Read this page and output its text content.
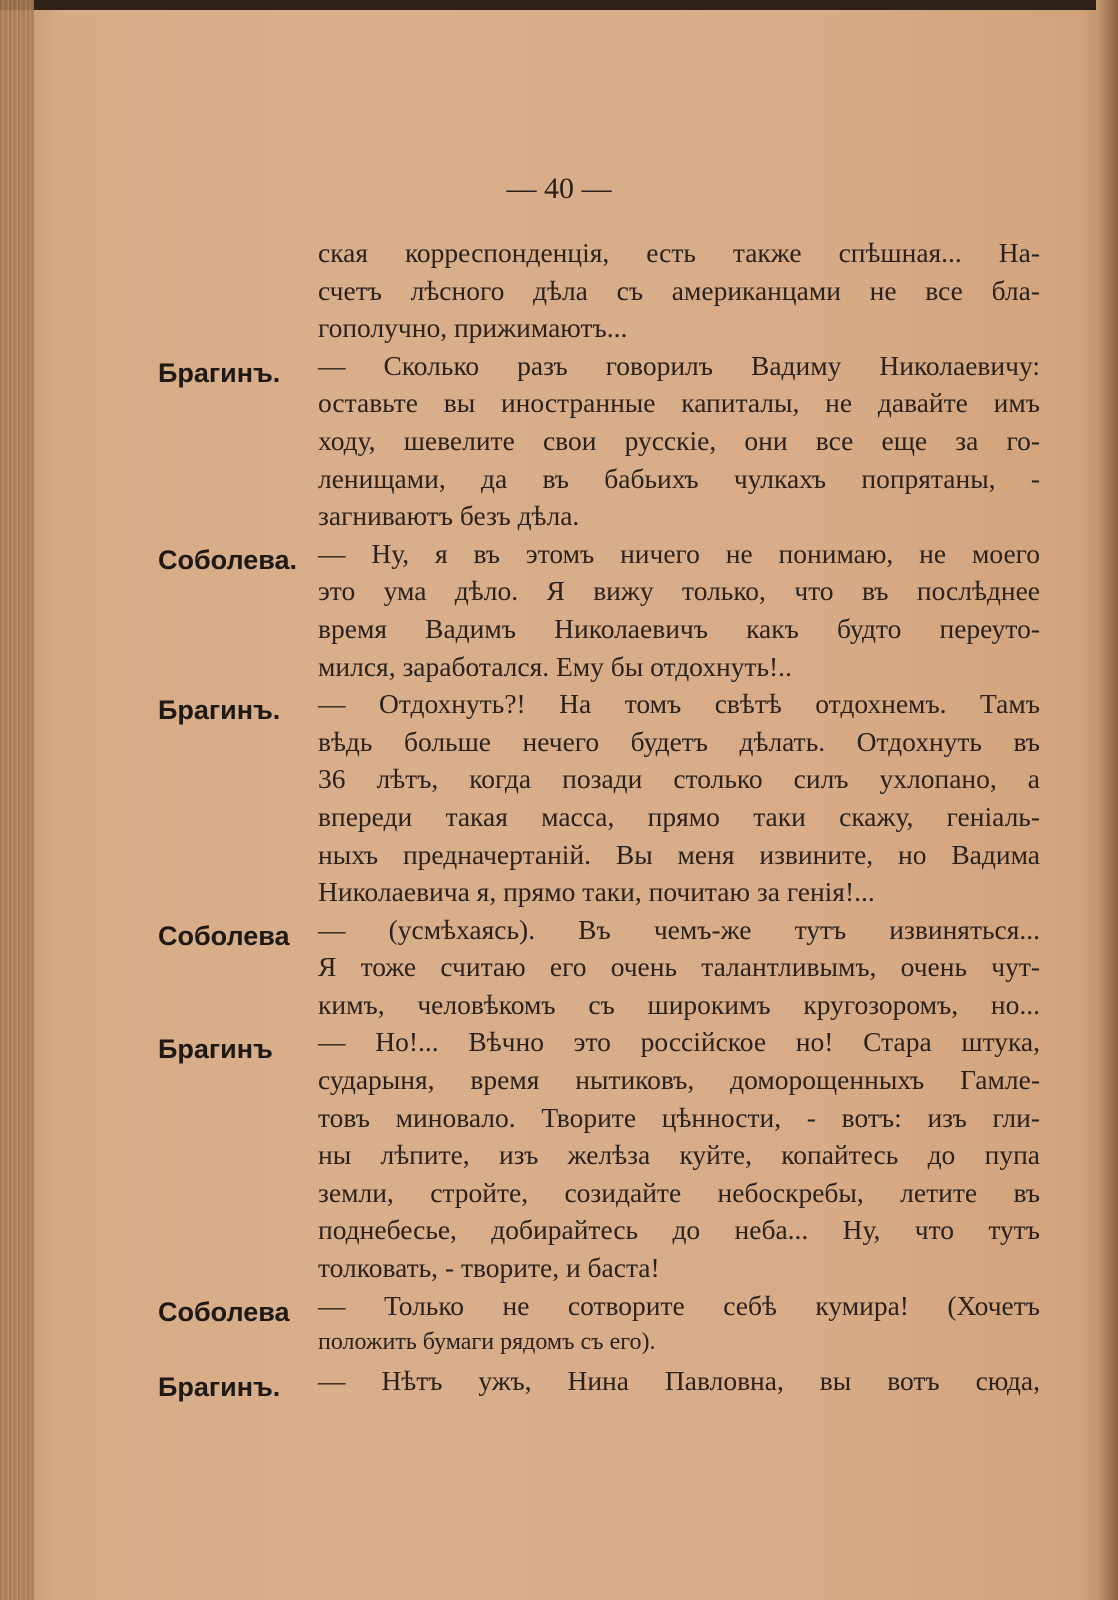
— 40 —
Брагинъ.
Соболева.
Брагинъ.
Соболева
Брагинъ
Соболева
Брагинъ.
ская корреспонденція, есть также спѣшная... На-
счетъ лѣсного дѣла съ американцами не все бла-
гополучно, прижимаютъ...
— Сколько разъ говорилъ Вадиму Николаевичу:
оставьте вы иностранные капиталы, не давайте имъ
ходу, шевелите свои русскіе, они все еще за го-
ленищами, да въ бабьихъ чулкахъ попрятаны, -
загниваютъ безъ дѣла.
— Ну, я въ этомъ ничего не понимаю, не моего
это ума дѣло. Я вижу только, что въ послѣднее
время Вадимъ Николаевичъ какъ будто переуто-
мился, заработался. Ему бы отдохнуть!..
— Отдохнуть?! На томъ свѣтѣ отдохнемъ. Тамъ
вѣдь больше нечего будетъ дѣлать. Отдохнуть въ
36 лѣтъ, когда позади столько силъ ухлопано, а
впереди такая масса, прямо таки скажу, геніаль-
ныхъ предначертаній. Вы меня извините, но Вадима
Николаевича я, прямо таки, почитаю за генія!...
— (усмѣхаясь). Въ чемъ-же тутъ извиняться...
Я тоже считаю его очень талантливымъ, очень чут-
кимъ, человѣкомъ съ широкимъ кругозоромъ, но...
— Но!... Вѣчно это россійское но! Стара штука,
сударыня, время нытиковъ, доморощенныхъ Гамле-
товъ миновало. Творите цѣнности, - вотъ: изъ гли-
ны лѣпите, изъ желѣза куйте, копайтесь до пупа
земли, стройте, созидайте небоскребы, летите въ
поднебесье, добирайтесь до неба... Ну, что тутъ
толковать, - творите, и баста!
— Только не сотворите себѣ кумира! (Хочетъ
положить бумаги рядомъ съ его).
— Нѣтъ ужъ, Нина Павловна, вы вотъ сюда,
